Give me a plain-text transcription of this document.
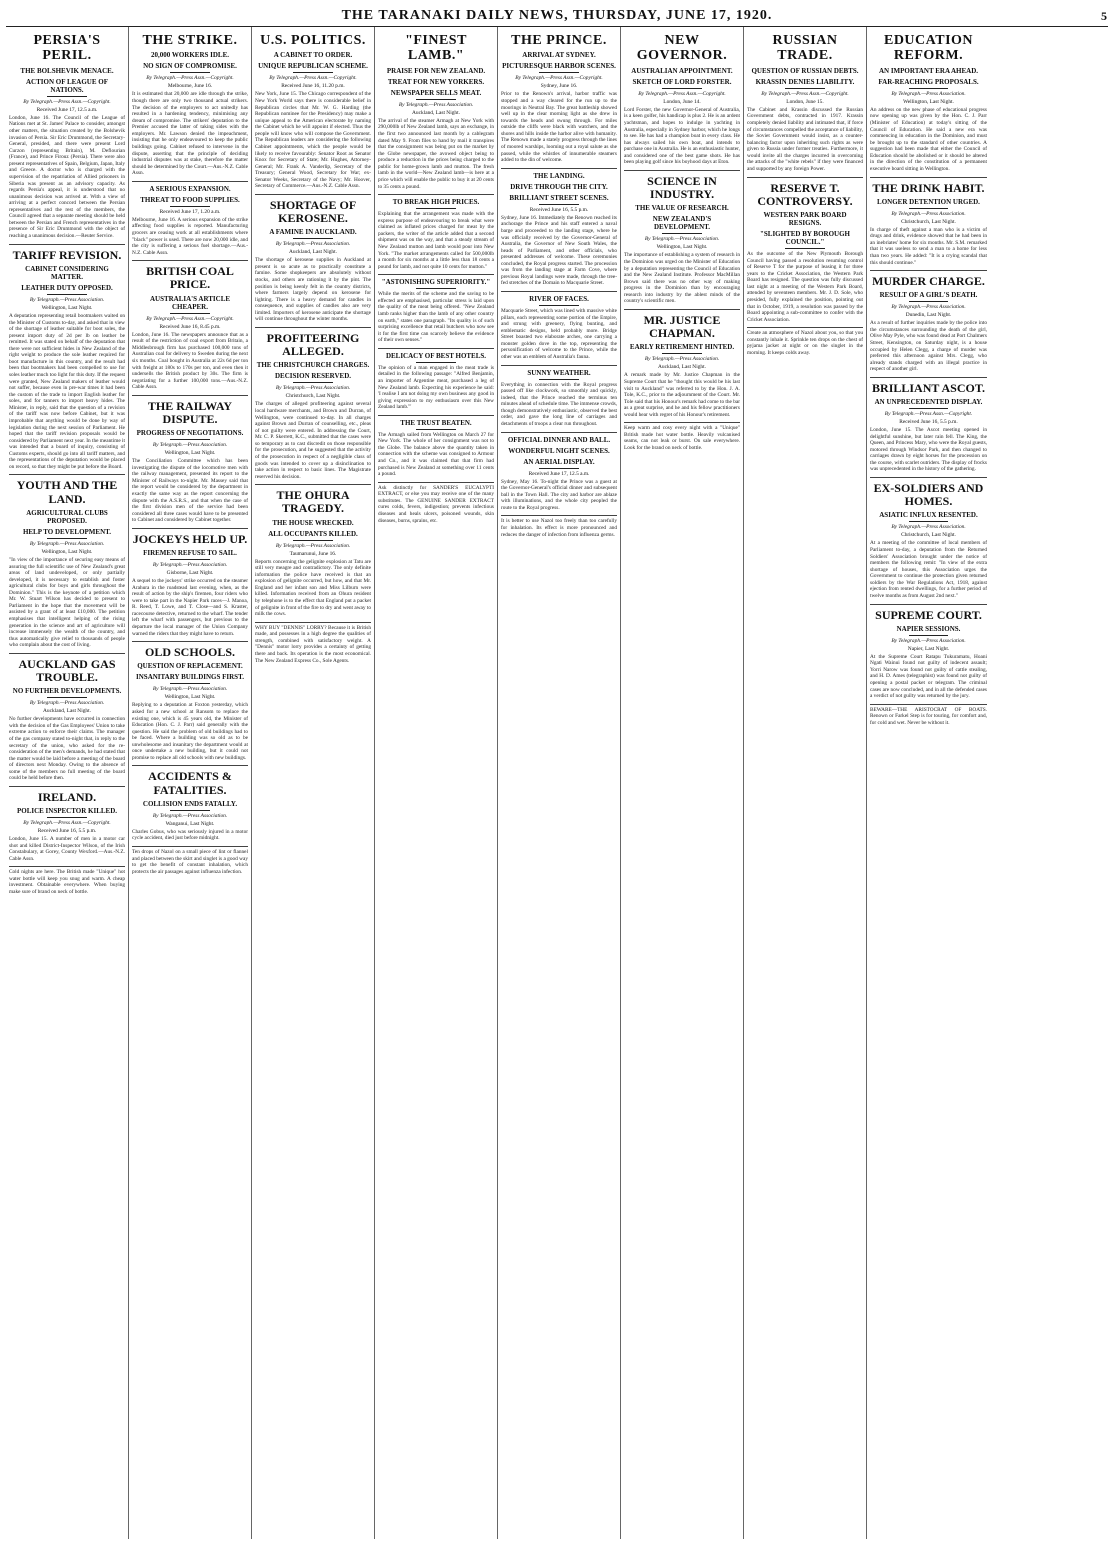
THE TARANAKI DAILY NEWS, THURSDAY, JUNE 17, 1920.	5
PERSIA'S PERIL.
THE BOLSHEVIK MENACE.
ACTION OF LEAGUE OF NATIONS.
By Telegraph.—Press Assn.—Copyright.
Received June 17, 12.5 a.m.

London, June 16. The Council of the League of Nations met at St. James' Palace to consider, amongst other matters, the situation created by the Bolshevik invasion of Persia. Sir Eric Drummond, the Secretary-General, presided, and there were present Lord Curzon (representing Britain), M. Deflourian (France), and Prince Firouz (Persia). There were also present representatives of Spain, Belgium, Japan, Italy and Greece. A doctor who is charged with the supervision of the repatriation of Allied prisoners in Siberia was present as an advisory capacity. As regards Persia's appeal, it is understood that no unanimous decision was arrived at. With a view of arriving at a perfect concord between the Persian representatives and the rest of the members, the Council agreed that a separate meeting should be held between the Persian and French representatives in the presence of Sir Eric Drummond with the object of reaching a unanimous decision.—Reuter Service.

TARIFF REVISION.
CABINET CONSIDERING MATTER.
LEATHER DUTY OPPOSED.
By Telegraph.—Press Association.
Wellington, Last Night.

A deputation representing retail bootmakers waited on the Minister of Customs to-day, and asked that in view of the shortage of leather suitable for boot soles, the present import duty of 2d per lb on leather be remitted. It was stated on behalf of the deputation that there were not sufficient hides in New Zealand of the right weight to produce the sole leather required for boot manufacture in this country, and the result had been that bootmakers had been compelled to use for soles leather much too light for this duty. If the request were granted, New Zealand makers of leather would not suffer, because even in pre-war times it had been the custom of the trade to import English leather for soles, and for tanners to import heavy hides. The Minister, in reply, said that the question of a revision of the tariff was now before Cabinet, but it was improbable that anything would be done by way of legislation during the next session of Parliament. He hoped that the tariff revision proposals would be considered by Parliament next year. In the meantime it was intended that a board of inquiry, consisting of Customs experts, should go into all tariff matters, and the representations of the deputation would be placed on record, so that they might be put before the Board.

YOUTH AND THE LAND.
AGRICULTURAL CLUBS PROPOSED.
HELP TO DEVELOPMENT.
By Telegraph.—Press Association.
Wellington, Last Night.

"In view of the importance of securing easy means of assuring the full scientific use of New Zealand's great areas of land undeveloped, or only partially developed, it is necessary to establish and foster agricultural clubs for boys and girls throughout the Dominion." This is the keynote of a petition which Mr. W. Stuart Wilson has decided to present to Parliament in the hope that the movement will be assisted by a grant of at least £10,000. The petition emphasises that intelligent helping of the rising generation in the science and art of agriculture will increase immensely the wealth of the country, and thus automatically give relief to thousands of people who complain about the cost of living.

AUCKLAND GAS TROUBLE.
NO FURTHER DEVELOPMENTS.
By Telegraph.—Press Association.
Auckland, Last Night.

No further developments have occurred in connection with the decision of the Gas Employees' Union to take extreme action to enforce their claims. The manager of the gas company stated to-night that, in reply to the secretary of the union, who asked for the re-consideration of the men's demands, he had stated that the matter would be laid before a meeting of the board of directors next Monday. Owing to the absence of some of the members no full meeting of the board could be held before then.

IRELAND.
POLICE INSPECTOR KILLED.
By Telegraph.—Press Assn.—Copyright.
Received June 16, 5.5 p.m.

London, June 15. A number of men in a motor car shot and killed District-Inspector Wilson, of the Irish Constabulary, at Gorey, County Wexford.—Aus.-N.Z. Cable Assn.

Cold nights are here. The British made "Unique" hot water bottle will keep you snug and warm. A cheap investment. Obtainable everywhere. When buying make sure of brand on neck of bottle.
THE STRIKE.
20,000 WORKERS IDLE.
NO SIGN OF COMPROMISE.
By Telegraph.—Press Assn.—Copyright.
Melbourne, June 16.

It is estimated that 20,000 are idle through the strike, though there are only two thousand actual strikers. The decision of the employers to act unitedly has resulted in a hardening tendency, minimising any dream of compromise. The strikers' deputation to the Premier accused the latter of taking sides with the employers. Mr. Lawson denied the impeachment, insisting that he only endeavoured to keep the public buildings going. Cabinet refused to intervene in the dispute, asserting that the principle of deciding industrial disputes was at stake, therefore the matter should be determined by the Court.—Aus.-N.Z. Cable Assn.

A SERIOUS EXPANSION.
THREAT TO FOOD SUPPLIES.
Received June 17, 1.20 a.m.

Melbourne, June 16. A serious expansion of the strike affecting food supplies is reported. Manufacturing grocers are ceasing work at all establishments where "black" power is used. There are now 20,000 idle, and the city is suffering a serious fuel shortage.—Aus.-N.Z. Cable Assn.

BRITISH COAL PRICE.
AUSTRALIA'S ARTICLE CHEAPER.
By Telegraph.—Press Assn.—Copyright.
Received June 16, 8.45 p.m.

London, June 16. The newspapers announce that as a result of the restriction of coal export from Britain, a Middlesbrough firm has purchased 100,000 tons of Australian coal for delivery to Sweden during the next six months. Coal bought in Australia at 22s 6d per ton with freight at 180s to 170s per ton, and even then it undersells the British product by 30s. The firm is negotiating for a further 100,000 tons.—Aus.-N.Z. Cable Assn.

THE RAILWAY DISPUTE.
PROGRESS OF NEGOTIATIONS.
By Telegraph.—Press Association.
Wellington, Last Night.

The Conciliation Committee which has been investigating the dispute of the locomotive men with the railway management, presented its report to the Minister of Railways to-night. Mr. Massey said that the report would be considered by the department in exactly the same way as the report concerning the dispute with the A.S.R.S., and that when the case of the first division men of the service had been considered all three cases would have to be presented to Cabinet and considered by Cabinet together.

JOCKEYS HELD UP.
FIREMEN REFUSE TO SAIL.
By Telegraph.—Press Association.
Gisborne, Last Night.

A sequel to the jockeys' strike occurred on the steamer Arahura in the roadstead last evening, when, as the result of action by the ship's firemen, four riders who were to take part in the Napier Park races—J. Manoa, R. Reed, T. Lowe, and T. Close—and S. Kraster, racecourse detective, returned to the wharf. The tender left the wharf with passengers, but previous to the departure the local manager of the Union Company warned the riders that they might have to return.

OLD SCHOOLS.
QUESTION OF REPLACEMENT.
INSANITARY BUILDINGS FIRST.
By Telegraph.—Press Association.
Wellington, Last Night.

Replying to a deputation at Foxton yesterday, which asked for a new school at Ransom to replace the existing one, which is 45 years old, the Minister of Education (Hon. C. J. Parr) said generally with the question. He said the problem of old buildings had to be faced. Where a building was so old as to be unwholesome and insanitary the department would at once undertake a new building, but it could not promise to replace all old schools with new buildings.

ACCIDENTS & FATALITIES.
COLLISION ENDS FATALLY.
By Telegraph.—Press Association.
Wanganui, Last Night.

Charles Gobus, who was seriously injured in a motor cycle accident, died just before midnight.

Ten drops of Nazol on a small piece of lint or flannel and placed between the skirt and singlet is a good way to get the benefit of constant inhalation, which protects the air passages against influenza infection.
U.S. POLITICS.
A CABINET TO ORDER.
UNIQUE REPUBLICAN SCHEME.
By Telegraph.—Press Assn.—Copyright.
Received June 16, 11.20 p.m.

New York, June 15. The Chicago correspondent of the New York World says there is considerable belief in Republican circles that Mr. W. G. Harding (the Republican nominee for the Presidency) may make a unique appeal to the American electorate by naming the Cabinet which he will appoint if elected. Thus the people will know who will compose the Government. The Republican leaders are considering the following Cabinet appointments, which the people would be likely to receive favourably: Senator Root as Senator Knox for Secretary of State; Mr. Hughes, Attorney-General; Mr. Frank A. Vanderlip, Secretary of the Treasury; General Wood, Secretary for War; ex-Senator Weeks, Secretary of the Navy; Mr. Hoover, Secretary of Commerce.—Aus.-N.Z. Cable Assn.

SHORTAGE OF KEROSENE.
A FAMINE IN AUCKLAND.
By Telegraph.—Press Association.
Auckland, Last Night.

The shortage of kerosene supplies in Auckland at present is so acute as to practically constitute a famine. Some shopkeepers are absolutely without stocks, and others are rationing it by the pint. The position is being keenly felt in the country districts, where farmers largely depend on kerosene for lighting. There is a heavy demand for candles in consequence, and supplies of candles also are very limited. Importers of kerosene anticipate the shortage will continue throughout the winter months.

PROFITEERING ALLEGED.
THE CHRISTCHURCH CHARGES.
DECISION RESERVED.
By Telegraph.—Press Association.
Christchurch, Last Night.

The charges of alleged profiteering against several local hardware merchants, and Brown and Durran, of Wellington, were continued to-day. In all charges against Brown and Durran of counselling, etc., pleas of not guilty were entered. In addressing the Court, Mr. C. P. Skerrett, K.C., submitted that the cases were so temporary as to cast discredit on those responsible for the prosecution, and he suggested that the activity of the prosecution in respect of a negligible class of goods was intended to cover up a disinclination to take action in respect to basic lines. The Magistrate reserved his decision.

THE OHURA TRAGEDY.
THE HOUSE WRECKED.
ALL OCCUPANTS KILLED.
By Telegraph.—Press Association.
Taumarunui, June 16.

Reports concerning the gelignite explosion at Tatu are still very meagre and contradictory. The only definite information the police have received is that an explosion of gelignite occurred, but how, and that Mr. England and her infant son and Miss Lilburn were killed. Information received from an Ohura resident by telephone is to the effect that England put a packet of gelignite in front of the fire to dry and went away to milk the cows.

WHY BUY "DENNIS" LORRY? Because it is British made, and possesses in a high degree the qualities of strength, combined with satisfactory weight. A "Dennis" motor lorry provides a certainty of getting there and back. Its operation is the most economical. The New Zealand Express Co., Sole Agents.
"FINEST LAMB."
PRAISE FOR NEW ZEALAND.
TREAT FOR NEW YORKERS.
NEWSPAPER SELLS MEAT.
By Telegraph.—Press Association.
Auckland, Last Night.

The arrival of the steamer Armagh at New York with 290,000lb of New Zealand lamb, says an exchange, in the first two announced last month by a cablegram dated May 9. From files to hand by mail it transpires that the consignment was being put on the market by the Globe newspaper, the avowed object being to produce a reduction in the prices being charged to the public for home-grown lamb and mutton. The fresh lamb in the world—New Zealand lamb—is here at a price which will enable the public to buy it at 20 cents to 35 cents a pound.

TO BREAK HIGH PRICES.

Explaining that the arrangement was made with the express purpose of endeavouring to break what were claimed as inflated prices charged for meat by the packers, the writer of the article added that a second shipment was on the way, and that a steady stream of New Zealand mutton and lamb would pour into New York. "The market arrangements called for 500,000lb a month for six months at a little less than 18 cents a pound for lamb, and not quite 10 cents for mutton."

"ASTONISHING SUPERIORITY."

While the merits of the scheme and the saving to be effected are emphasised, particular stress is laid upon the quality of the meat being offered. "New Zealand lamb ranks higher than the lamb of any other country on earth," states one paragraph. "Its quality is of such surprising excellence that retail butchers who now see it for the first time can scarcely believe the evidence of their own senses."

DELICACY OF BEST HOTELS.

The opinion of a man engaged in the meat trade is detailed in the following passage: "Alfred Benjamin, an importer of Argentine meat, purchased a leg of New Zealand lamb. Expecting his experience he said: 'I realise I am not doing my own business any good in giving expression to my enthusiasm over this New Zealand lamb.'"

THE TRUST BEATEN.

The Armagh sailed from Wellington on March 27 for New York. The whole of her consignment was not to the Globe. The balance above the quantity taken in connection with the scheme was consigned to Armour and Co., and it was claimed that that firm had purchased is New Zealand at something over 11 cents a pound.

Ask distinctly for SANDER'S EUCALYPTI EXTRACT, or else you may receive one of the many substitutes. The GENUINE SANDER EXTRACT cures colds, fevers, indigestion; prevents infectious diseases and heals ulcers, poisoned wounds, skin diseases, burns, sprains, etc.
THE PRINCE.
ARRIVAL AT SYDNEY.
PICTURESQUE HARBOR SCENES.
By Telegraph.—Press Assn.—Copyright.
Sydney, June 16.

Prior to the Renown's arrival, harbor traffic was stopped and a way cleared for the run up to the moorings in Neutral Bay. The great battleship showed well up in the clear morning light as she drew in towards the heads and swung through. For miles outside the cliffs were black with watchers, and the shores and hills inside the harbor alive with humanity. The Renown made a stately progress through the lines of moored warships, looming out a royal salute as she passed, while the whistles of innumerable steamers added to the din of welcome.

THE LANDING.
DRIVE THROUGH THE CITY.
BRILLIANT STREET SCENES.
Received June 16, 5.5 p.m.

Sydney, June 16. Immediately the Renown reached its anchorage the Prince and his staff entered a naval barge and proceeded to the landing stage, where he was officially received by the Governor-General of Australia, the Governor of New South Wales, the heads of Parliament, and other officials, who presented addresses of welcome. These ceremonies concluded, the Royal progress started. The procession was from the landing stage at Farm Cove, where previous Royal landings were made, through the tree-fed stretches of the Domain to Macquarie Street.

RIVER OF FACES.

Macquarie Street, which was lined with massive white pillars, each representing some portion of the Empire, and strung with greenery, flying bunting, and emblematic designs, held probably more. Bridge Street boasted two elaborate arches, one carrying a monster golden dove in the top, representing the personification of welcome to the Prince, while the other was an emblem of Australia's fauna.

SUNNY WEATHER.

Everything in connection with the Royal progress passed off like clockwork, so smoothly and quickly, indeed, that the Prince reached the terminus ten minutes ahead of schedule time. The immense crowds, though demonstratively enthusiastic, observed the best order, and gave the long line of carriages and detachments of troops a clear run throughout.

OFFICIAL DINNER AND BALL.
WONDERFUL NIGHT SCENES.
AN AERIAL DISPLAY.
Received June 17, 12.5 a.m.

Sydney, May 16. To-night the Prince was a guest at the Governor-General's official dinner and subsequent ball in the Town Hall. The city and harbor are ablaze with illuminations, and the whole city peopled the route to the Royal progress.

It is better to use Nazol too freely than too carefully for inhalation. Its effect is more pronounced and reduces the danger of infection from influenza germs.
NEW GOVERNOR.
AUSTRALIAN APPOINTMENT.
SKETCH OF LORD FORSTER.
By Telegraph.—Press Assn.—Copyright.
London, June 14.

Lord Forster, the new Governor-General of Australia, is a keen golfer, his handicap is plus 2. He is an ardent yachtsman, and hopes to indulge in yachting in Australia, especially in Sydney harbor, which he longs to see. He has had a champion boat in every class. He has always sailed his own boat, and intends to purchase one in Australia. He is an enthusiastic hunter, and considered one of the best game shots. He has been playing golf since his boyhood days at Eton.

SCIENCE IN INDUSTRY.
THE VALUE OF RESEARCH.
NEW ZEALAND'S DEVELOPMENT.
By Telegraph.—Press Association.
Wellington, Last Night.

The importance of establishing a system of research in the Dominion was urged on the Minister of Education by a deputation representing the Council of Education and the New Zealand Institute. Professor MacMillan Brown said there was no other way of making progress in the Dominion than by encouraging research into industry by the ablest minds of the country's scientific men.

MR. JUSTICE CHAPMAN.
EARLY RETIREMENT HINTED.
By Telegraph.—Press Association.
Auckland, Last Night.

A remark made by Mr. Justice Chapman in the Supreme Court that he "thought this would be his last visit to Auckland" was referred to by the Hon. J. A. Tole, K.C., prior to the adjournment of the Court. Mr. Tole said that his Honour's remark had come to the bar as a great surprise, and he and his fellow practitioners would hear with regret of his Honour's retirement.

Keep warm and cosy every night with a "Unique" British made hot water bottle. Heavily vulcanised seams, can not leak or burst. On sale everywhere. Look for the brand on neck of bottle.
RUSSIAN TRADE.
QUESTION OF RUSSIAN DEBTS.
KRASSIN DENIES LIABILITY.
By Telegraph.—Press Assn.—Copyright.
London, June 15.

The Cabinet and Krassin discussed the Russian Government debts, contracted in 1917. Krassin completely denied liability and intimated that, if force of circumstances compelled the acceptance of liability, the Soviet Government would insist, as a counter-balancing factor upon inheriting such rights as were given to Russia under former treaties. Furthermore, it would invite all the charges incurred in overcoming the attacks of the "white rebels" if they were financed and supported by any foreign Power.

RESERVE T. CONTROVERSY.
WESTERN PARK BOARD RESIGNS.
"SLIGHTED BY BOROUGH COUNCIL."

As the outcome of the New Plymouth Borough Council having passed a resolution resuming control of Reserve T for the purpose of leasing it for three years to the Cricket Association, the Western Park Board has resigned. The question was fully discussed last night at a meeting of the Western Park Board, attended by seventeen members. Mr. J. D. Sole, who presided, fully explained the position, pointing out that in October, 1919, a resolution was passed by the Board appointing a sub-committee to confer with the Cricket Association.

Create an atmosphere of Nazol about you, so that you constantly inhale it. Sprinkle ten drops on the chest of pyjama jacket at night or on the singlet in the morning. It keeps colds away.
EDUCATION REFORM.
AN IMPORTANT ERA AHEAD.
FAR-REACHING PROPOSALS.
By Telegraph.—Press Association.
Wellington, Last Night.

An address on the new phase of educational progress now opening up was given by the Hon. C. J. Parr (Minister of Education) at today's sitting of the Council of Education. He said a new era was commencing in education in the Dominion, and must be brought up to the standard of other countries. A suggestion had been made that either the Council of Education should be abolished or it should be altered in the direction of the constitution of a permanent executive board sitting in Wellington.

THE DRINK HABIT.
LONGER DETENTION URGED.
By Telegraph.—Press Association.
Christchurch, Last Night.

In charge of theft against a man who is a victim of drugs and drink, evidence showed that he had been in an inebriates' home for six months. Mr. S.M. remarked that it was useless to send a man to a home for less than two years. He added: "It is a crying scandal that this should continue."

MURDER CHARGE.
RESULT OF A GIRL'S DEATH.
By Telegraph.—Press Association.
Dunedin, Last Night.

As a result of further inquiries made by the police into the circumstances surrounding the death of the girl, Olive May Pyle, who was found dead at Port Chalmers Street, Kensington, on Saturday night, is a house occupied by Helen Clegg, a charge of murder was preferred this afternoon against Mrs. Clegg, who already stands charged with an illegal practice in respect of another girl.

BRILLIANT ASCOT.
AN UNPRECEDENTED DISPLAY.
By Telegraph.—Press Assn.—Copyright.
Received June 16, 5.5 p.m.

London, June 15. The Ascot meeting opened in delightful sunshine, but later rain fell. The King, the Queen, and Princess Mary, who were the Royal guests, motored through Windsor Park, and then changed to carriages drawn by eight horses for the procession on the course, with scarlet outriders. The display of frocks was unprecedented in the history of the gathering.

EX-SOLDIERS AND HOMES.
ASIATIC INFLUX RESENTED.
By Telegraph.—Press Association.
Christchurch, Last Night.

At a meeting of the committee of local members of Parliament to-day, a deputation from the Returned Soldiers' Association brought under the notice of members the following remit: "In view of the extra shortage of houses, this Association urges the Government to continue the protection given returned soldiers by the War Regulations Act, 1918, against ejection from rented dwellings, for a further period of twelve months as from August 2nd next."

SUPREME COURT.
NAPIER SESSIONS.
By Telegraph.—Press Association.
Napier, Last Night.

At the Supreme Court Ratapu Tukuramatu, Hoani Ngati Wainui found not guilty of indecent assault; Yorri Narow was found not guilty of cattle stealing, and H. D. Ames (telegraphist) was found not guilty of opening a postal packet or telegram. The criminal cases are now concluded, and in all the defended cases a verdict of not guilty was returned by the jury.

BEWARE—THE ARISTOCRAT OF BOATS. Renown or Farkel Step is for touring, for comfort and, for cold and wet. Never be without it.
